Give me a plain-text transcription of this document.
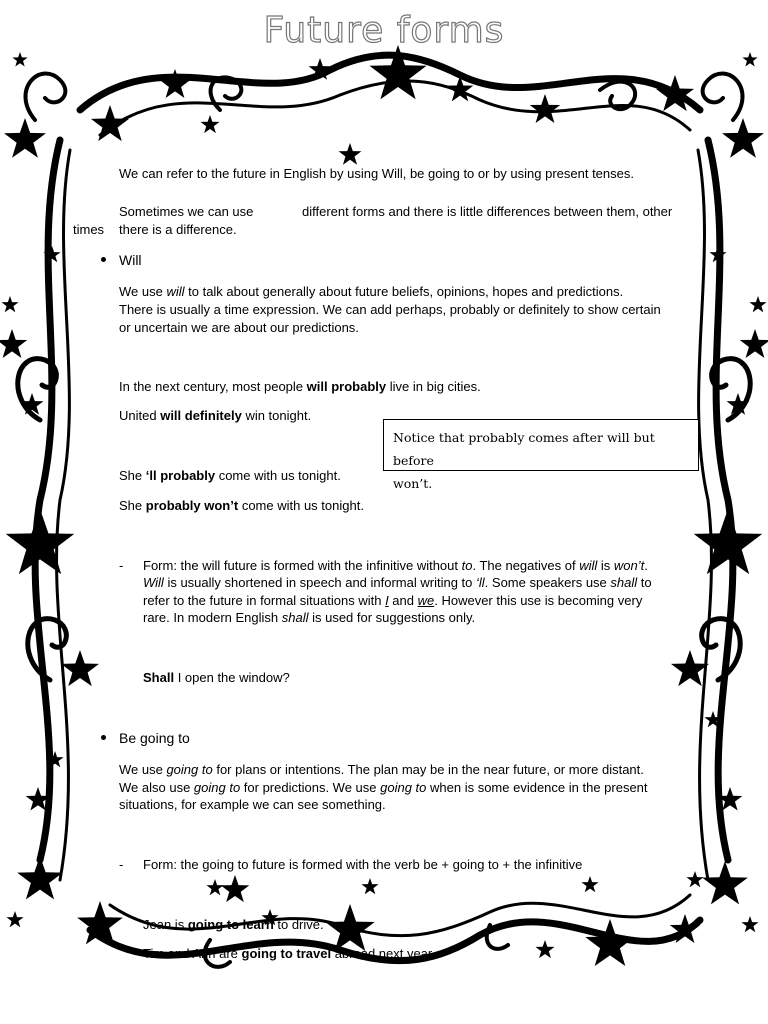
Future forms
We can refer to the future in English by using Will, be going to or by using present tenses.
Sometimes we can use	different forms and there is little differences between them, other
times there is a difference.
Will
We use will to talk about generally about future beliefs, opinions, hopes and predictions.
There is usually a time expression. We can add perhaps, probably or definitely to show certain
or uncertain we are about our predictions.
In the next century, most people will probably live in big cities.
United will definitely win tonight.
Notice that probably comes after will but before
won’t.
She ‘ll probably come with us tonight.
She probably won’t come with us tonight.
- Form: the will future is formed with the infinitive without to. The negatives of will is won’t.
Will is usually shortened in speech and informal writing to ‘ll. Some speakers use shall to
refer to the future in formal situations with I and we. However this use is becoming very
rare. In modern English shall is used for suggestions only.
Shall I open the window?
Be going to
We use going to for plans or intentions. The plan may be in the near future, or more distant.
We also use going to for predictions. We use going to when is some evidence in the present
situations, for example we can see something.
- Form: the going to future is formed with the verb be + going to + the infinitive
Jean is going to learn to drive.
Tim and Ann are going to travel abroad next year.
